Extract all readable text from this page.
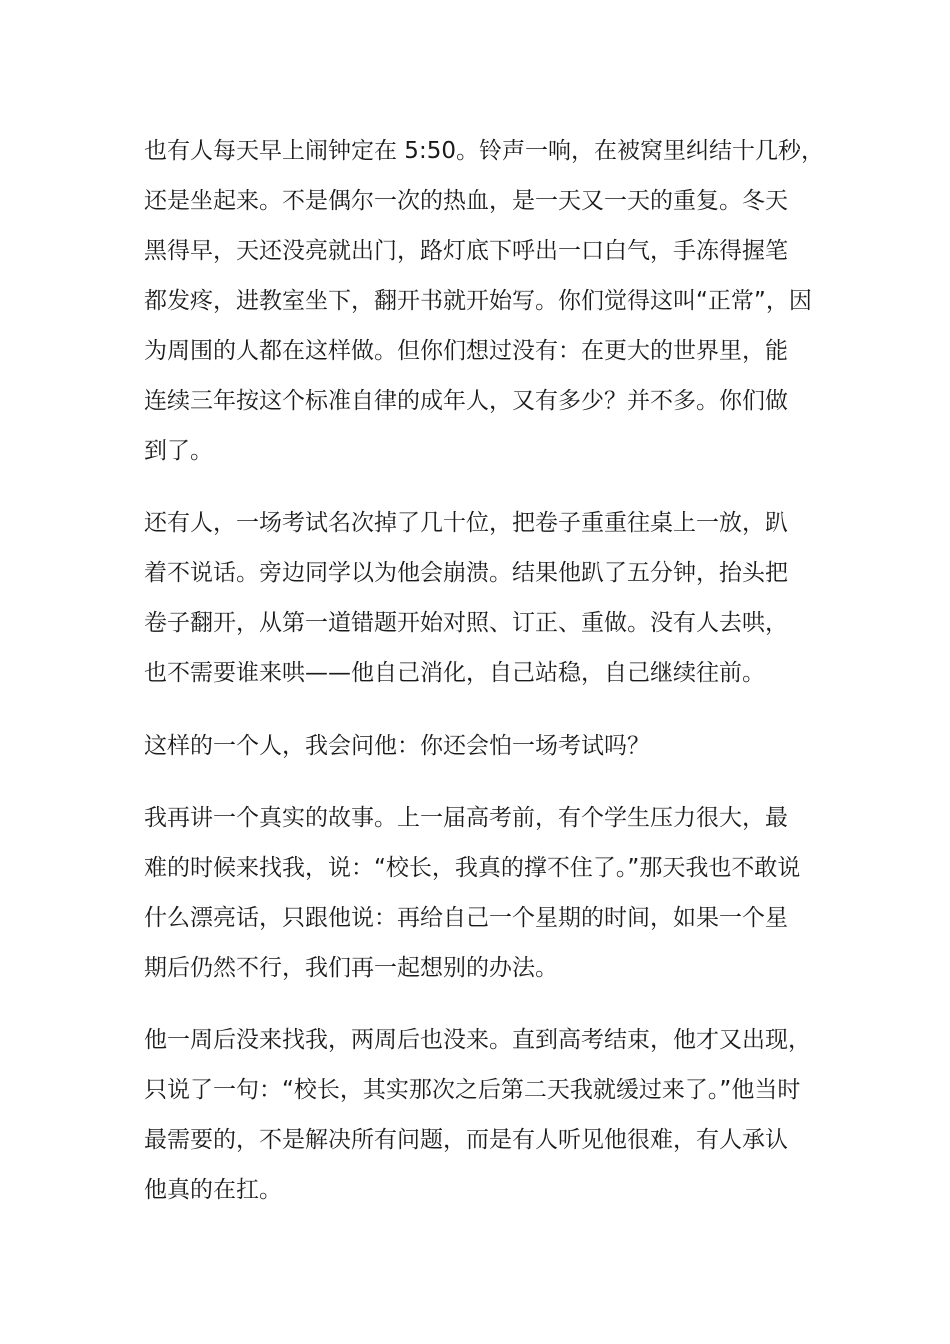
也有人每天早上闹钟定在 5:50。铃声一响，在被窝里纠结十几秒，
还是坐起来。不是偶尔一次的热血，是一天又一天的重复。冬天
黑得早，天还没亮就出门，路灯底下呼出一口白气，手冻得握笔
都发疼，进教室坐下，翻开书就开始写。你们觉得这叫“正常”，因
为周围的人都在这样做。但你们想过没有：在更大的世界里，能
连续三年按这个标准自律的成年人，又有多少？并不多。你们做
到了。
还有人，一场考试名次掉了几十位，把卷子重重往桌上一放，趴
着不说话。旁边同学以为他会崩溃。结果他趴了五分钟，抬头把
卷子翻开，从第一道错题开始对照、订正、重做。没有人去哄，
也不需要谁来哄——他自己消化，自己站稳，自己继续往前。
这样的一个人，我会问他：你还会怕一场考试吗？
我再讲一个真实的故事。上一届高考前，有个学生压力很大，最
难的时候来找我，说：“校长，我真的撑不住了。”那天我也不敢说
什么漂亮话，只跟他说：再给自己一个星期的时间，如果一个星
期后仍然不行，我们再一起想别的办法。
他一周后没来找我，两周后也没来。直到高考结束，他才又出现，
只说了一句：“校长，其实那次之后第二天我就缓过来了。”他当时
最需要的，不是解决所有问题，而是有人听见他很难，有人承认
他真的在扛。
